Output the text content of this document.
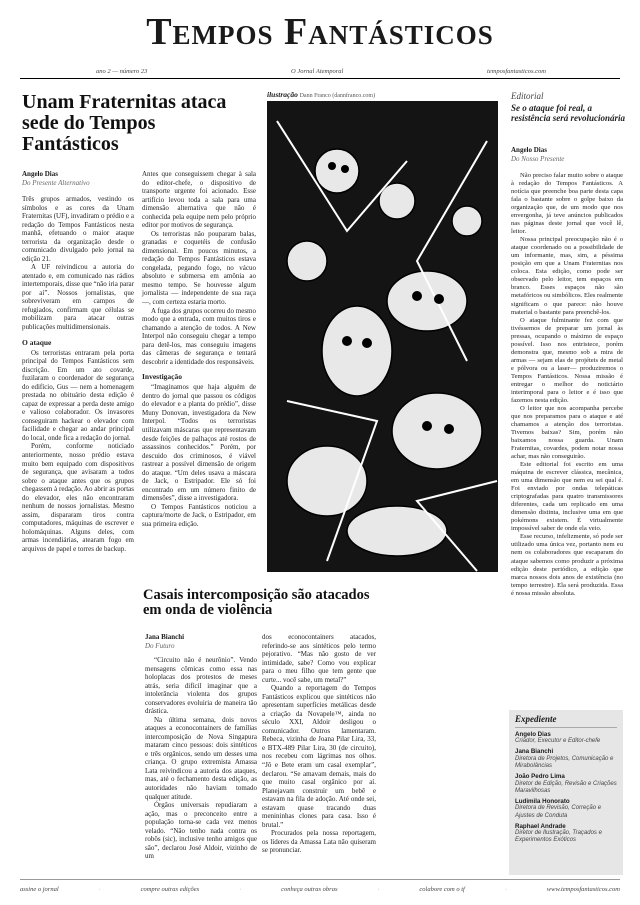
Tempos Fantásticos
ano 2 — número 23	O Jornal Atemporal	temposfantasticos.com
Unam Fraternitas ataca sede do Tempos Fantásticos
Angelo Dias
Do Presente Alternativo

Três grupos armados, vestindo os símbolos e as cores da Unam Fraternitas (UF), invadiram o prédio e a redação do Tempos Fantásticos nesta manhã, efetuando o maior ataque terrorista da organização desde o comunicado divulgado pelo jornal na edição 21.

A UF reivindicou a autoria do atentado e, em comunicado nas rádios intertemporais, disse que “não iria parar por aí”. Nossos jornalistas, que sobreviveram em campos de refugiados, confirmam que células se mobilizam para atacar outras publicações multidimensionais.

O ataque

Os terroristas entraram pela porta principal do Tempos Fantásticos sem discrição. Em um ato covarde, fuzilaram o coordenador de segurança do edifício, Gus — nem a homenagem prestada no obituário desta edição é capaz de expressar a perda deste amigo e valioso colaborador. Os invasores conseguiram hackear o elevador com facilidade e chegar ao andar principal do local, onde fica a redação do jornal.

Porém, conforme noticiado anteriormente, nosso prédio estava muito bem equipado com dispositivos de segurança, que avisaram a todos sobre o ataque antes que os grupos chegassem à redação. Ao abrir as portas do elevador, eles não encontraram nenhum de nossos jornalistas. Mesmo assim, dispararam tiros contra computadores, máquinas de escrever e holomáquinas. Alguns deles, com armas incendiárias, atearam fogo em arquivos de papel e torres de backup.

Antes que conseguissem chegar à sala do editor-chefe, o dispositivo de transporte urgente foi acionado. Esse artifício levou toda a sala para uma dimensão alternativa que não é conhecida pela equipe nem pelo próprio editor por motivos de segurança.

Os terroristas não pouparam balas, granadas e coquetéis de confusão dimensional. Em poucos minutos, a redação do Tempos Fantásticos estava congelada, pegando fogo, no vácuo absoluto e submersa em amônia ao mesmo tempo. Se houvesse algum jornalista — independente de sua raça—, com certeza estaria morto.

A fuga dos grupos ocorreu do mesmo modo que a entrada, com muitos tiros e chamando a atenção de todos. A New Interpol não conseguiu chegar a tempo para detê-los, mas conseguiu imagens das câmeras de segurança e tentará descobrir a identidade dos responsáveis.

Investigação

“Imaginamos que haja alguém de dentro do jornal que passou os códigos do elevador e a planta do prédio”, disse Muny Donovan, investigadora da New Interpol. “Todos os terroristas utilizavam máscaras que representavam desde feições de palhaços até rostos de assassinos conhecidos.” Porém, por descuido dos criminosos, é viável rastrear a possível dimensão de origem do ataque. “Um deles usava a máscara de Jack, o Estripador. Ele só foi encontrado em um número finito de dimensões”, disse a investigadora.

O Tempos Fantásticos noticiou a captura/morte de Jack, o Estripador, em sua primeira edição.

ilustração Dann Franco (dannfranco.com)
Casais intercomposição são atacados em onda de violência
Jana Bianchi
Do Futuro

“Circuito não é neurônio”. Vendo mensagens cômicas como essa nas holoplacas dos protestos de meses atrás, seria difícil imaginar que a intolerância violenta dos grupos conservadores evoluiria de maneira tão drástica.

Na última semana, dois novos ataques a econocontainers de famílias intercomposição de Nova Singapura mataram cinco pessoas: dois sintéticos e três orgânicos, sendo um desses uma criança. O grupo extremista Amassa Lata reivindicou a autoria dos ataques, mas, até o fechamento desta edição, as autoridades não haviam tomado qualquer atitude.

Órgãos universais repudiaram a ação, mas o preconceito entre a população torna-se cada vez menos velado. “Não tenho nada contra os robôs (sic), inclusive tenho amigos que são”, declarou José Aldoir, vizinho de um

dos econocontainers atacados, referindo-se aos sintéticos pelo termo pejorativo. “Mas não gosto de ver intimidade, sabe? Como vou explicar para o meu filho que tem gente que curte... você sabe, um metal?”

Quando a reportagem do Tempos Fantásticos explicou que sintéticos não apresentam superfícies metálicas desde a criação da Novapele™, ainda no século XXI, Aldoir desligou o comunicador. Outros lamentaram. Rebeca, vizinha de Joana Pilar Lira, 33, e BTX-489 Pilar Lira, 30 (de circuito), nos recebeu com lágrimas nos olhos. “Jô e Bete eram um casal exemplar”, declarou. “Se amavam demais, mais do que muito casal orgânico por aí. Planejavam construir um bebê e estavam na fila de adoção. Até onde sei, estavam quase tracando duas menininhas clones para casa. Isso é brutal.”

Procurados pela nossa reportagem, os líderes da Amassa Lata não quiseram se pronunciar.

Editorial
Se o ataque foi real, a resistência será revolucionária
Angelo Dias
Do Nosso Presente

Não preciso falar muito sobre o ataque à redação do Tempos Fantásticos. A notícia que preenche boa parte desta capa fala o bastante sobre o golpe baixo da organização que, de um modo que nos envergonha, já teve anúncios publicados nas páginas deste jornal que você lê, leitor.

Nossa principal preocupação não é o ataque coordenado ou a possibilidade de um informante, mas, sim, a péssima posição em que a Unam Fraternitas nos coloca. Esta edição, como pode ser observado pelo leitor, tem espaços em branco. Esses espaços não são metafóricos ou simbólicos. Eles realmente significam o que parece: não houve material o bastante para preenchê-los.

O ataque fulminante fez com que tivéssemos de preparar um jornal às pressas, ocupando o máximo de espaço possível. Isso nos entristece, porém demonstra que, mesmo sob a mira de armas — sejam elas de projéteis de metal e pólvora ou a laser— produziremos o Tempos Fantásticos. Nossa missão é entregar o melhor do noticiário interimporal para o leitor e é isso que fazemos nesta edição.

O leitor que nos acompanha percebe que nos preparamos para o ataque e até chamamos a atenção dos terroristas. Tivemos baixas? Sim, porém não baixamos nossa guarda. Unam Fraternitas, covardes, podem notar nossa achar, mas não conseguirão.

Este editorial foi escrito em uma máquina de escrever clássica, mecânica, em uma dimensão que nem eu sei qual é. Foi enviado por ondas telepáticas criptografadas para quatro transmissores diferentes, cada um replicado em uma dimensão distinta, inclusive uma em que pokémons existem. É virtualmente impossível saber de onde ela veio.

Esse recurso, infelizmente, só pode ser utilizado uma única vez, portanto nem eu nem os colaboradores que escaparam do ataque sabemos como produzir a próxima edição deste periódico, a edição que marca nossos dois anos de existência (no tempo terrestre). Ela será produzida. Essa é nossa missão absoluta.

Expediente
Angelo Dias
Criador, Executor e Editor-chefe
Jana Bianchi
Diretora de Projetos, Comunicação e Mirabolâncias
João Pedro Lima
Diretor de Edição, Revisão e Criações Maravilhosas
Ludimila Honorato
Diretora de Revisão, Correção e Ajustes de Conduta
Raphael Andrade
Diretor de Ilustração, Traçados e Experimentos Exóticos
assine o jornal	·	compre outras edições	·	conheça outras obras	·	colabore com o tf	·	www.temposfantasticos.com
